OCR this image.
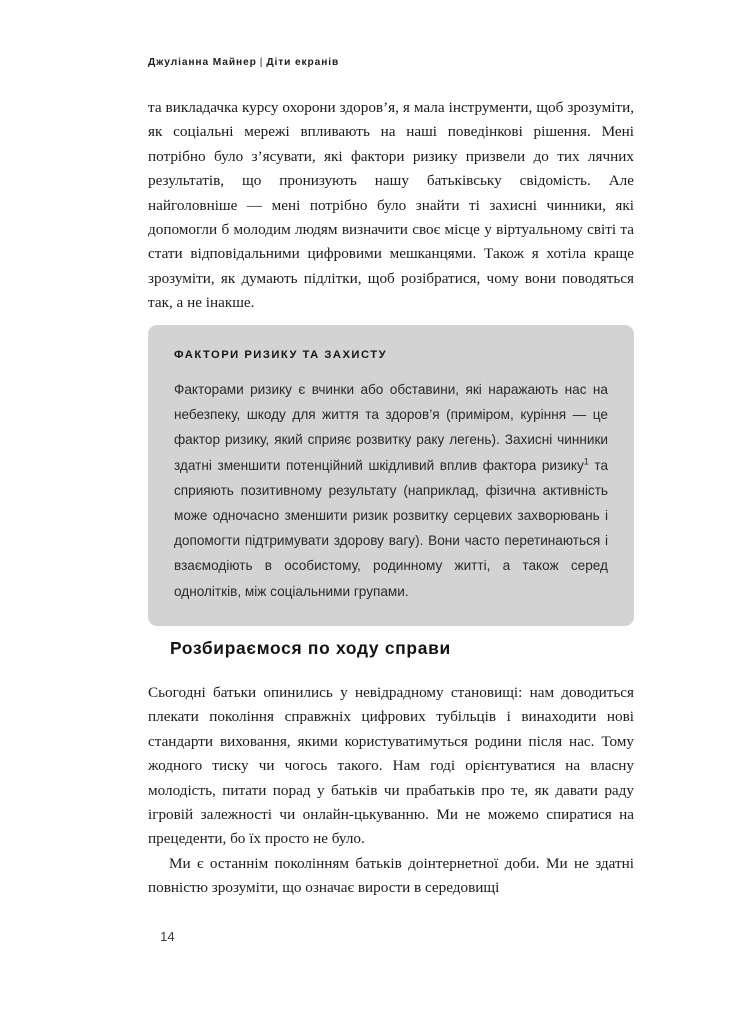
Джуліанна Майнер | Діти екранів

та викладачка курсу охорони здоров’я, я мала інструменти, щоб зрозуміти, як соціальні мережі впливають на наші поведінкові рішення. Мені потрібно було з’ясувати, які фактори ризику призвели до тих лячних результатів, що пронизують нашу батьківську свідомість. Але найголовніше — мені потрібно було знайти ті захисні чинники, які допомогли б молодим людям визначити своє місце у віртуальному світі та стати відповідальними цифровими мешканцями. Також я хотіла краще зрозуміти, як думають підлітки, щоб розібратися, чому вони поводяться так, а не інакше.

ФАКТОРИ РИЗИКУ ТА ЗАХИСТУ

Факторами ризику є вчинки або обставини, які наражають нас на небезпеку, шкоду для життя та здоров’я (приміром, куріння — це фактор ризику, який сприяє розвитку раку легень). Захисні чинники здатні зменшити потенційний шкідливий вплив фактора ризику$^1$ та сприяють позитивному результату (наприклад, фізична активність може одночасно зменшити ризик розвитку серцевих захворювань і допомогти підтримувати здорову вагу). Вони часто перетинаються і взаємодіють в особистому, родинному житті, а також серед однолітків, між соціальними групами.

Розбираємося по ходу справи

Сьогодні батьки опинились у невідрадному становищі: нам доводиться плекати покоління справжніх цифрових тубільців і винаходити нові стандарти виховання, якими користуватимуться родини після нас. Тому жодного тиску чи чогось такого. Нам годі орієнтуватися на власну молодість, питати порад у батьків чи прабатьків про те, як давати раду ігровій залежності чи онлайн-цькуванню. Ми не можемо спиратися на прецеденти, бо їх просто не було.

Ми є останнім поколінням батьків доінтернетної доби. Ми не здатні повністю зрозуміти, що означає вирости в середовищі

14
